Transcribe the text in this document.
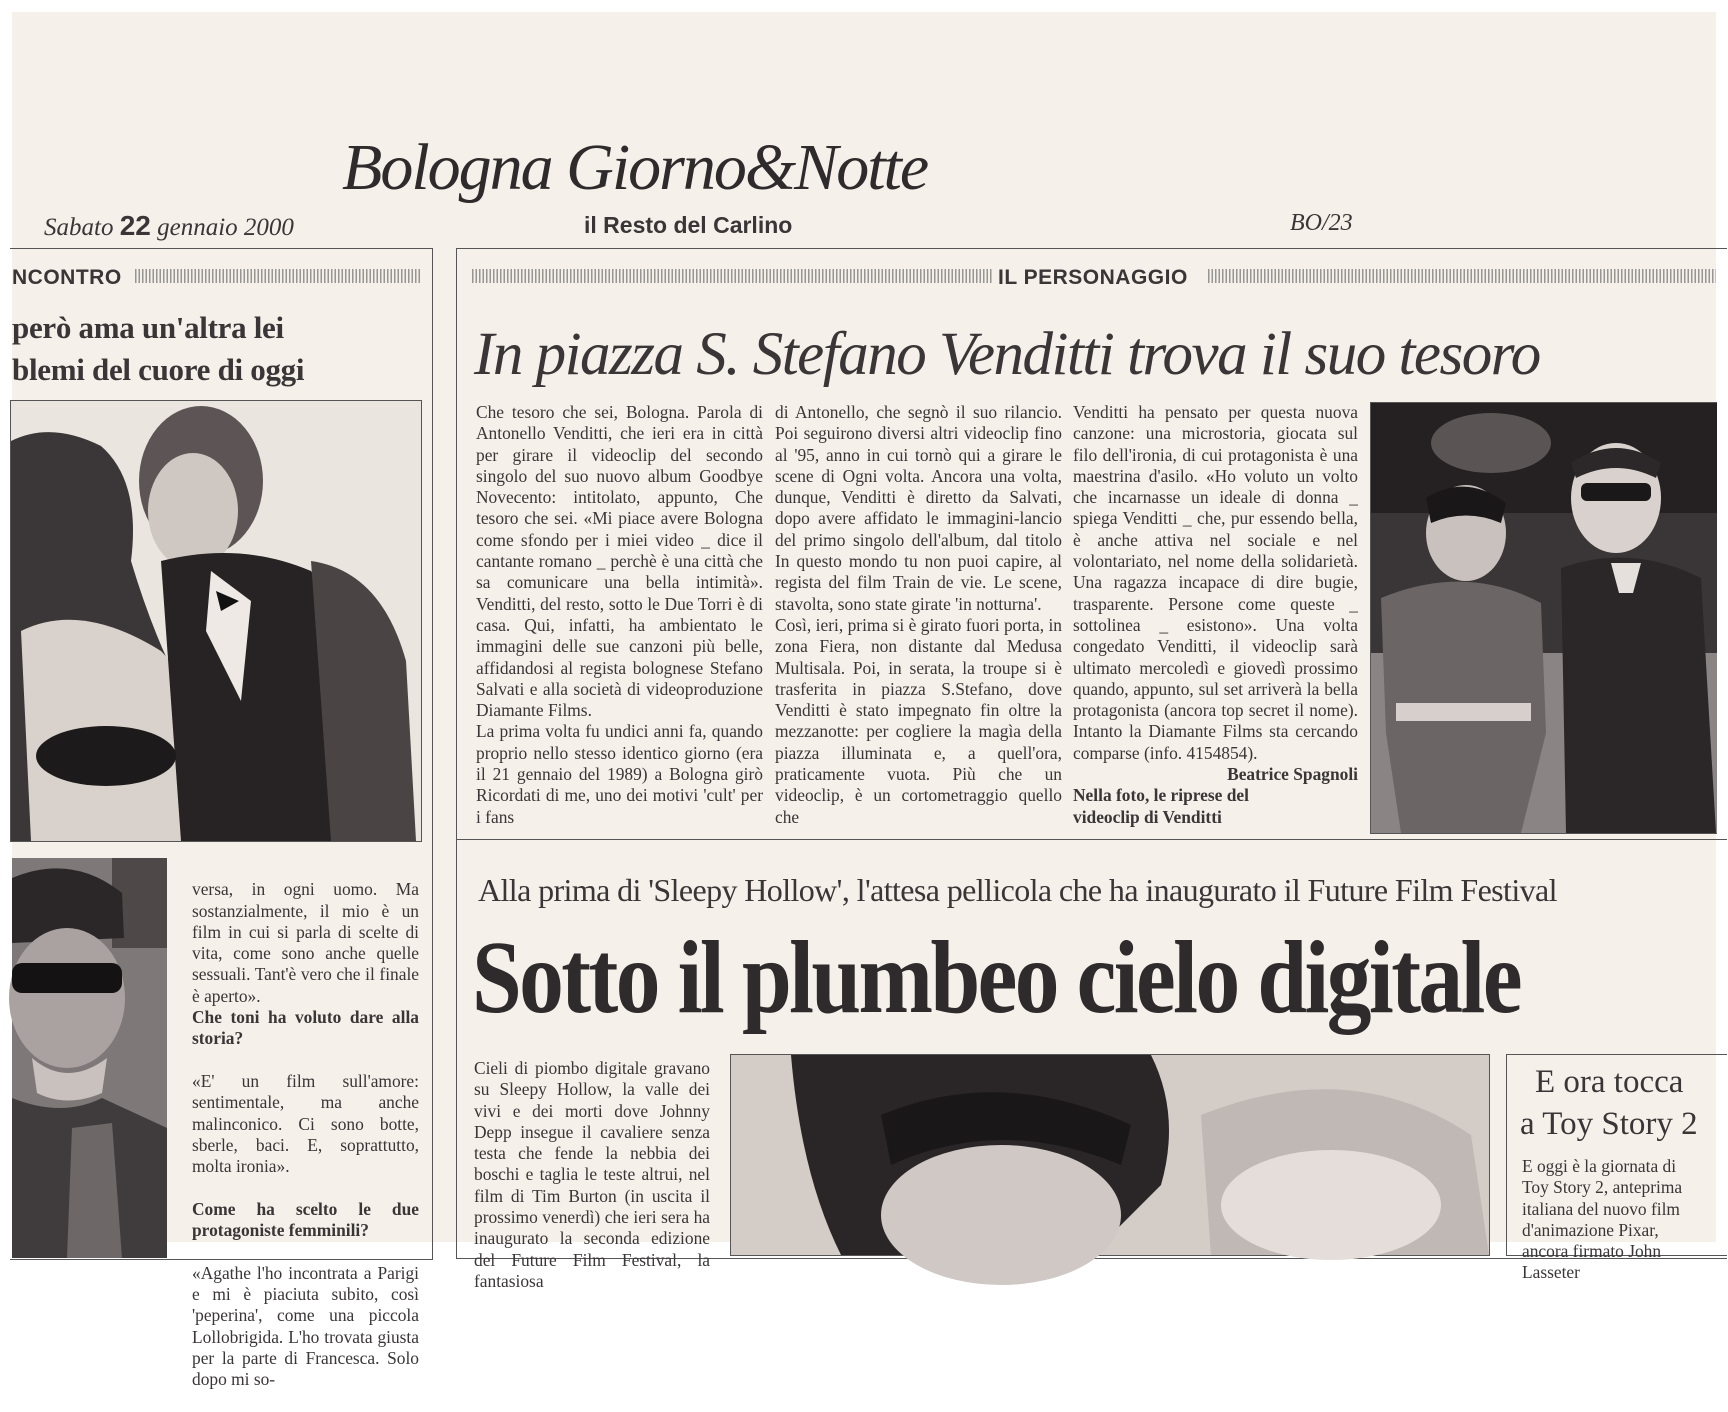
Bologna Giorno&Notte
Sabato 22 gennaio 2000	il Resto del Carlino	BO/23
NCONTRO
però ama un'altra lei
blemi del cuore di oggi

versa, in ogni uomo. Ma sostanzialmente, il mio è un film in cui si parla di scelte di vita, come sono anche quelle sessuali. Tant'è vero che il finale è aperto».

Che toni ha voluto dare alla storia?

«E' un film sull'amore: sentimentale, ma anche malinconico. Ci sono botte, sberle, baci. E, soprattutto, molta ironia».

Come ha scelto le due protagoniste femminili?

«Agathe l'ho incontrata a Parigi e mi è piaciuta subito, così 'peperina', come una piccola Lollobrigida. L'ho trovata giusta per la parte di Francesca. Solo dopo mi so-

IL PERSONAGGIO
In piazza S. Stefano Venditti trova il suo tesoro
Che tesoro che sei, Bologna. Parola di Antonello Venditti, che ieri era in città per girare il videoclip del secondo singolo del suo nuovo album Goodbye Novecento: intitolato, appunto, Che tesoro che sei. «Mi piace avere Bologna come sfondo per i miei video _ dice il cantante romano _ perchè è una città che sa comunicare una bella intimità». Venditti, del resto, sotto le Due Torri è di casa. Qui, infatti, ha ambientato le immagini delle sue canzoni più belle, affidandosi al regista bolognese Stefano Salvati e alla società di videoproduzione Diamante Films.
La prima volta fu undici anni fa, quando proprio nello stesso identico giorno (era il 21 gennaio del 1989) a Bologna girò Ricordati di me, uno dei motivi 'cult' per i fans
di Antonello, che segnò il suo rilancio. Poi seguirono diversi altri videoclip fino al '95, anno in cui tornò qui a girare le scene di Ogni volta. Ancora una volta, dunque, Venditti è diretto da Salvati, dopo avere affidato le immagini-lancio del primo singolo dell'album, dal titolo In questo mondo tu non puoi capire, al regista del film Train de vie. Le scene, stavolta, sono state girate 'in notturna'.
Così, ieri, prima si è girato fuori porta, in zona Fiera, non distante dal Medusa Multisala. Poi, in serata, la troupe si è trasferita in piazza S.Stefano, dove Venditti è stato impegnato fin oltre la mezzanotte: per cogliere la magìa della piazza illuminata e, a quell'ora, praticamente vuota. Più che un videoclip, è un cortometraggio quello che
Venditti ha pensato per questa nuova canzone: una microstoria, giocata sul filo dell'ironia, di cui protagonista è una maestrina d'asilo. «Ho voluto un volto che incarnasse un ideale di donna _ spiega Venditti _ che, pur essendo bella, è anche attiva nel sociale e nel volontariato, nel nome della solidarietà. Una ragazza incapace di dire bugie, trasparente. Persone come queste _ sottolinea _ esistono». Una volta congedato Venditti, il videoclip sarà ultimato mercoledì e giovedì prossimo quando, appunto, sul set arriverà la bella protagonista (ancora top secret il nome). Intanto la Diamante Films sta cercando comparse (info. 4154854).
Beatrice Spagnoli
Nella foto, le riprese del videoclip di Venditti
Alla prima di 'Sleepy Hollow', l'attesa pellicola che ha inaugurato il Future Film Festival
Sotto il plumbeo cielo digitale
Cieli di piombo digitale gravano su Sleepy Hollow, la valle dei vivi e dei morti dove Johnny Depp insegue il cavaliere senza testa che fende la nebbia dei boschi e taglia le teste altrui, nel film di Tim Burton (in uscita il prossimo venerdì) che ieri sera ha inaugurato la seconda edizione del Future Film Festival, la fantasiosa
E ora tocca
a Toy Story 2
E oggi è la giornata di Toy Story 2, anteprima italiana del nuovo film d'animazione Pixar, ancora firmato John Lasseter
